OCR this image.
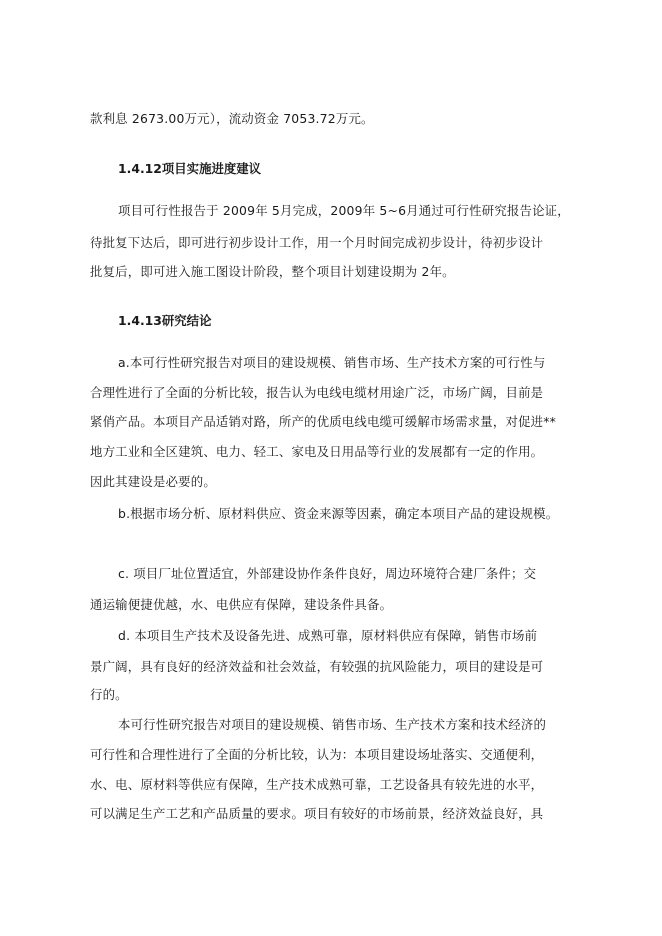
款利息 2673.00万元），流动资金 7053.72万元。
1.4.12项目实施进度建议
项目可行性报告于 2009年 5月完成，2009年 5~6月通过可行性研究报告论证，
待批复下达后，即可进行初步设计工作，用一个月时间完成初步设计，待初步设计
批复后，即可进入施工图设计阶段，整个项目计划建设期为 2年。
1.4.13研究结论
a.本可行性研究报告对项目的建设规模、销售市场、生产技术方案的可行性与
合理性进行了全面的分析比较，报告认为电线电缆材用途广泛，市场广阔，目前是
紧俏产品。本项目产品适销对路，所产的优质电线电缆可缓解市场需求量，对促进**
地方工业和全区建筑、电力、轻工、家电及日用品等行业的发展都有一定的作用。
因此其建设是必要的。
b.根据市场分析、原材料供应、资金来源等因素，确定本项目产品的建设规模。
c. 项目厂址位置适宜，外部建设协作条件良好，周边环境符合建厂条件；交
通运输便捷优越，水、电供应有保障，建设条件具备。
d. 本项目生产技术及设备先进、成熟可靠，原材料供应有保障，销售市场前
景广阔，具有良好的经济效益和社会效益，有较强的抗风险能力，项目的建设是可
行的。
本可行性研究报告对项目的建设规模、销售市场、生产技术方案和技术经济的
可行性和合理性进行了全面的分析比较，认为：本项目建设场址落实、交通便利，
水、电、原材料等供应有保障，生产技术成熟可靠，工艺设备具有较先进的水平，
可以满足生产工艺和产品质量的要求。项目有较好的市场前景，经济效益良好，具
